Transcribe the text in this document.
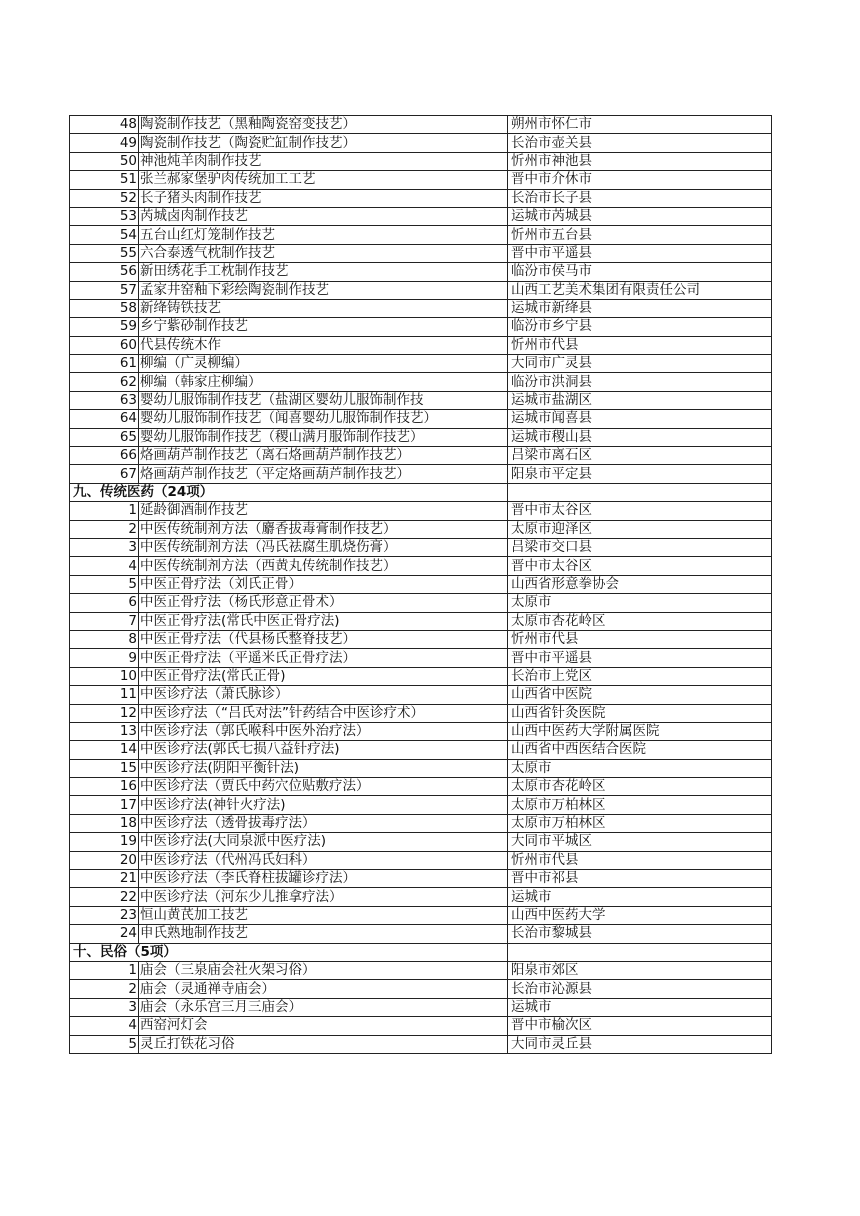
48	陶瓷制作技艺（黑釉陶瓷窑变技艺）	朔州市怀仁市
49	陶瓷制作技艺（陶瓷贮缸制作技艺）	长治市壶关县
50	神池炖羊肉制作技艺	忻州市神池县
51	张兰郝家堡驴肉传统加工工艺	晋中市介休市
52	长子猪头肉制作技艺	长治市长子县
53	芮城卤肉制作技艺	运城市芮城县
54	五台山红灯笼制作技艺	忻州市五台县
55	六合泰透气枕制作技艺	晋中市平遥县
56	新田绣花手工枕制作技艺	临汾市侯马市
57	孟家井窑釉下彩绘陶瓷制作技艺	山西工艺美术集团有限责任公司
58	新绛铸铁技艺	运城市新绛县
59	乡宁紫砂制作技艺	临汾市乡宁县
60	代县传统木作	忻州市代县
61	柳编（广灵柳编）	大同市广灵县
62	柳编（韩家庄柳编）	临汾市洪洞县
63	婴幼儿服饰制作技艺（盐湖区婴幼儿服饰制作技	运城市盐湖区
64	婴幼儿服饰制作技艺（闻喜婴幼儿服饰制作技艺）	运城市闻喜县
65	婴幼儿服饰制作技艺（稷山满月服饰制作技艺）	运城市稷山县
66	烙画葫芦制作技艺（离石烙画葫芦制作技艺）	吕梁市离石区
67	烙画葫芦制作技艺（平定烙画葫芦制作技艺）	阳泉市平定县
九、传统医药（24项）		
1	延龄御酒制作技艺	晋中市太谷区
2	中医传统制剂方法（麝香拔毒膏制作技艺）	太原市迎泽区
3	中医传统制剂方法（冯氏祛腐生肌烧伤膏）	吕梁市交口县
4	中医传统制剂方法（西黄丸传统制作技艺）	晋中市太谷区
5	中医正骨疗法（刘氏正骨）	山西省形意拳协会
6	中医正骨疗法（杨氏形意正骨术）	太原市
7	中医正骨疗法(常氏中医正骨疗法)	太原市杏花岭区
8	中医正骨疗法（代县杨氏整脊技艺）	忻州市代县
9	中医正骨疗法（平遥米氏正骨疗法）	晋中市平遥县
10	中医正骨疗法(常氏正骨)	长治市上党区
11	中医诊疗法（萧氏脉诊）	山西省中医院
12	中医诊疗法（“吕氏对法”针药结合中医诊疗术）	山西省针灸医院
13	中医诊疗法（郭氏喉科中医外治疗法）	山西中医药大学附属医院
14	中医诊疗法(郭氏七损八益针疗法)	山西省中西医结合医院
15	中医诊疗法(阴阳平衡针法)	太原市
16	中医诊疗法（贾氏中药穴位贴敷疗法）	太原市杏花岭区
17	中医诊疗法(神针火疗法)	太原市万柏林区
18	中医诊疗法（透骨拔毒疗法）	太原市万柏林区
19	中医诊疗法(大同泉派中医疗法)	大同市平城区
20	中医诊疗法（代州冯氏妇科）	忻州市代县
21	中医诊疗法（李氏脊柱拔罐诊疗法）	晋中市祁县
22	中医诊疗法（河东少儿推拿疗法）	运城市
23	恒山黄芪加工技艺	山西中医药大学
24	申氏熟地制作技艺	长治市黎城县
十、民俗（5项）		
1	庙会（三泉庙会社火架习俗）	阳泉市郊区
2	庙会（灵通禅寺庙会）	长治市沁源县
3	庙会（永乐宫三月三庙会）	运城市
4	西窑河灯会	晋中市榆次区
5	灵丘打铁花习俗	大同市灵丘县
